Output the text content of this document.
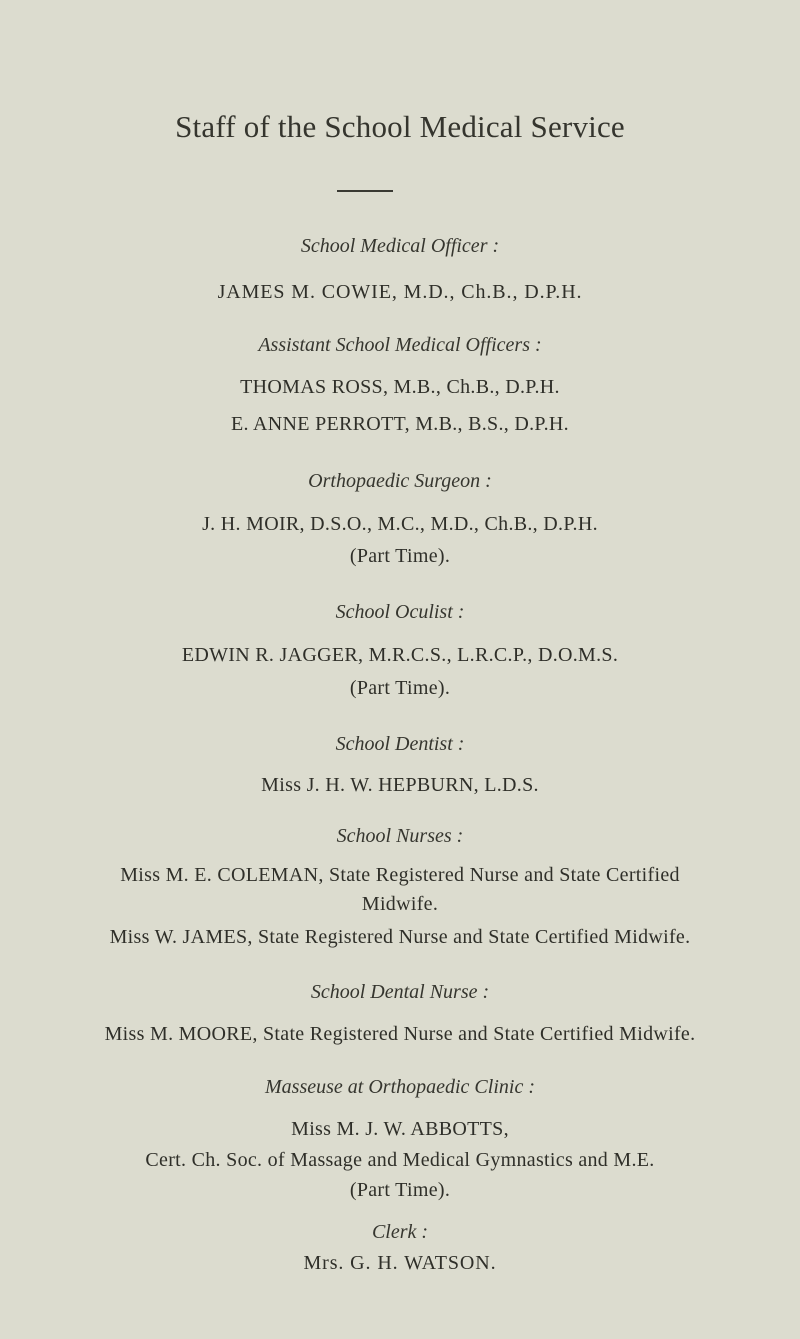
Staff of the School Medical Service
School Medical Officer :
JAMES M. COWIE, M.D., Ch.B., D.P.H.
Assistant School Medical Officers :
THOMAS ROSS, M.B., Ch.B., D.P.H.
E. ANNE PERROTT, M.B., B.S., D.P.H.
Orthopaedic Surgeon :
J. H. MOIR, D.S.O., M.C., M.D., Ch.B., D.P.H.
(Part Time).
School Oculist :
EDWIN R. JAGGER, M.R.C.S., L.R.C.P., D.O.M.S.
(Part Time).
School Dentist :
Miss J. H. W. HEPBURN, L.D.S.
School Nurses :
Miss M. E. COLEMAN, State Registered Nurse and State Certified
Midwife.
Miss W. JAMES, State Registered Nurse and State Certified Midwife.
School Dental Nurse :
Miss M. MOORE, State Registered Nurse and State Certified Midwife.
Masseuse at Orthopaedic Clinic :
Miss M. J. W. ABBOTTS,
Cert. Ch. Soc. of Massage and Medical Gymnastics and M.E.
(Part Time).
Clerk :
Mrs. G. H. WATSON.
